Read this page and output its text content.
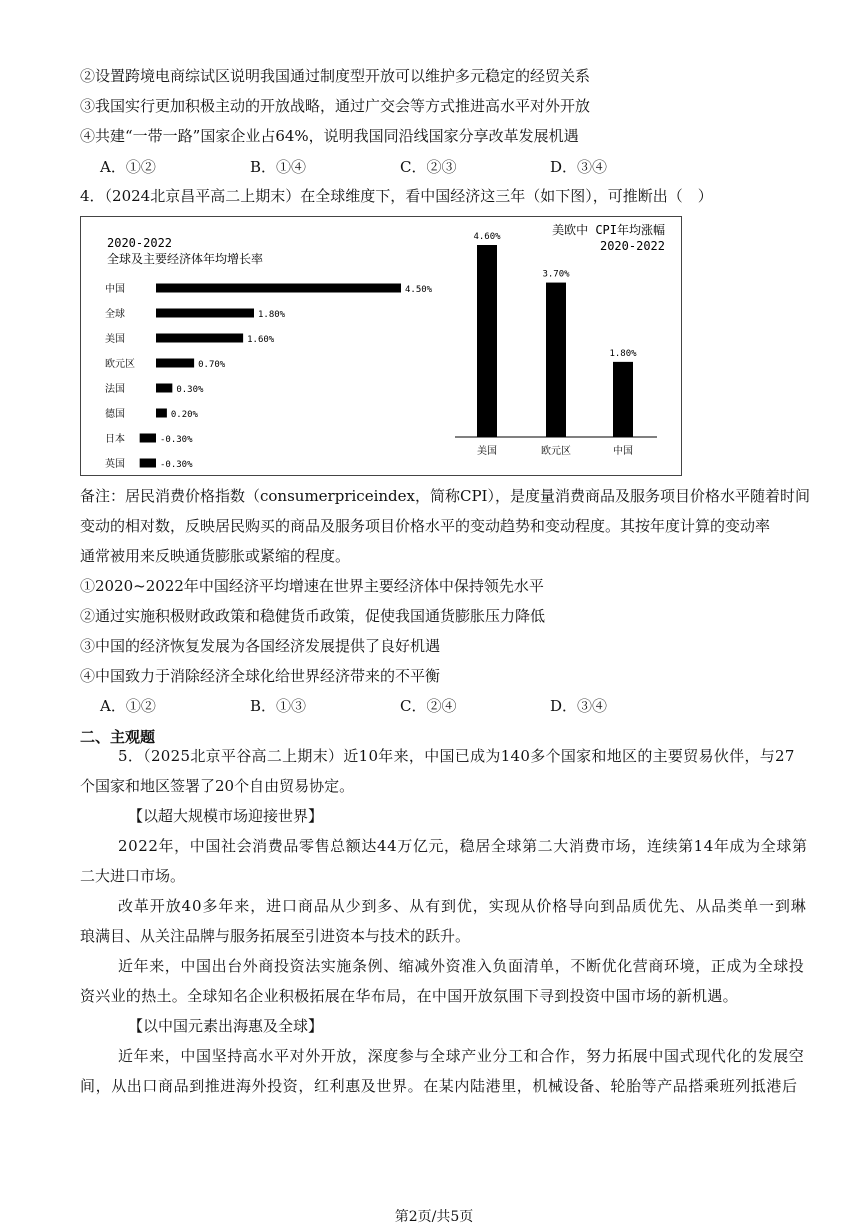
②设置跨境电商综试区说明我国通过制度型开放可以维护多元稳定的经贸关系
③我国实行更加积极主动的开放战略，通过广交会等方式推进高水平对外开放
④共建“一带一路”国家企业占64%，说明我国同沿线国家分享改革发展机遇
A．①②	B．①④	C．②③	D．③④
4．（2024北京昌平高二上期末）在全球维度下，看中国经济这三年（如下图），可推断出（　）
2020-2022
全球及主要经济体年均增长率
中国	4.50%
全球	1.80%
美国	1.60%
欧元区	0.70%
法国	0.30%
德国	0.20%
日本	-0.30%
英国	-0.30%
美欧中 CPI年均涨幅
2020-2022
4.60%
美国
3.70%
欧元区
1.80%
中国
备注：居民消费价格指数（consumerpriceindex，简称CPI），是度量消费商品及服务项目价格水平随着时间
变动的相对数，反映居民购买的商品及服务项目价格水平的变动趋势和变动程度。其按年度计算的变动率
通常被用来反映通货膨胀或紧缩的程度。
①2020~2022年中国经济平均增速在世界主要经济体中保持领先水平
②通过实施积极财政政策和稳健货币政策，促使我国通货膨胀压力降低
③中国的经济恢复发展为各国经济发展提供了良好机遇
④中国致力于消除经济全球化给世界经济带来的不平衡
A．①②	B．①③	C．②④	D．③④
二、主观题
5．（2025北京平谷高二上期末）近10年来，中国已成为140多个国家和地区的主要贸易伙伴，与27
个国家和地区签署了20个自由贸易协定。
【以超大规模市场迎接世界】
2022年，中国社会消费品零售总额达44万亿元，稳居全球第二大消费市场，连续第14年成为全球第
二大进口市场。
改革开放40多年来，进口商品从少到多、从有到优，实现从价格导向到品质优先、从品类单一到琳
琅满目、从关注品牌与服务拓展至引进资本与技术的跃升。
近年来，中国出台外商投资法实施条例、缩减外资准入负面清单，不断优化营商环境，正成为全球投
资兴业的热土。全球知名企业积极拓展在华布局，在中国开放氛围下寻到投资中国市场的新机遇。
【以中国元素出海惠及全球】
近年来，中国坚持高水平对外开放，深度参与全球产业分工和合作，努力拓展中国式现代化的发展空
间，从出口商品到推进海外投资，红利惠及世界。在某内陆港里，机械设备、轮胎等产品搭乘班列抵港后
第2页/共5页
